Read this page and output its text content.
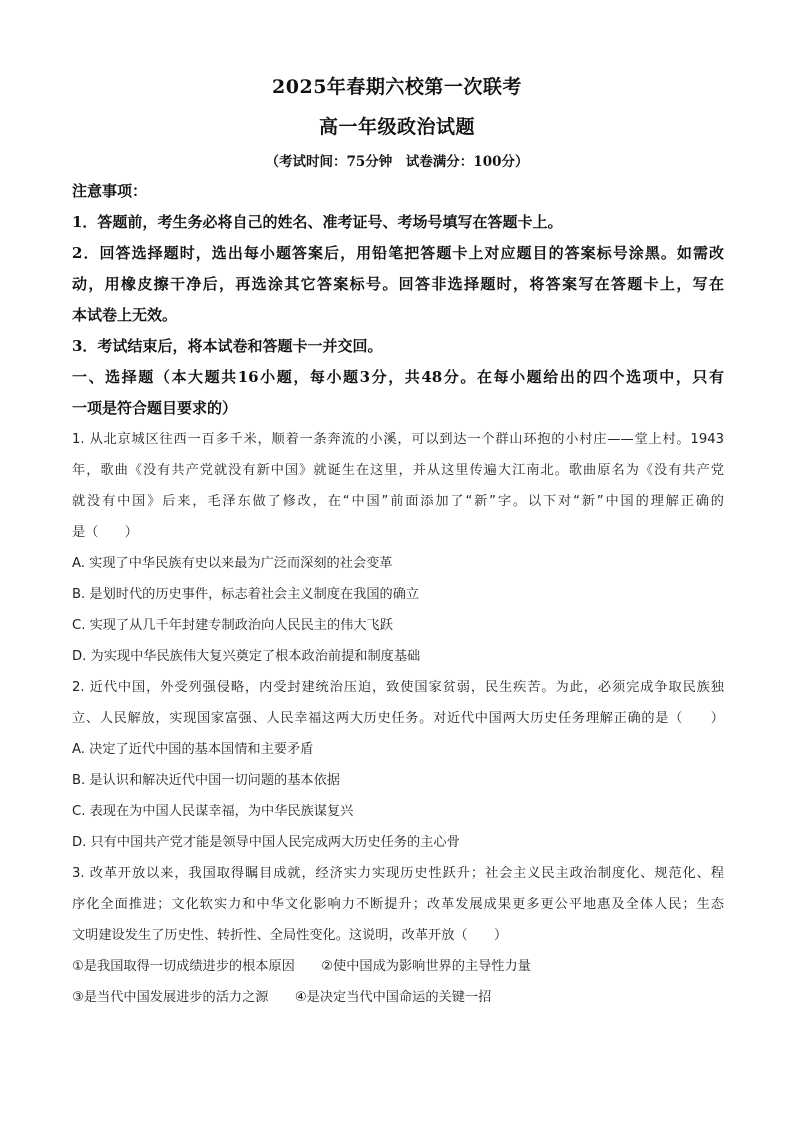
2025年春期六校第一次联考
高一年级政治试题
（考试时间：75分钟　试卷满分：100分）
注意事项：
1．答题前，考生务必将自己的姓名、准考证号、考场号填写在答题卡上。
2．回答选择题时，选出每小题答案后，用铅笔把答题卡上对应题目的答案标号涂黑。如需改
动，用橡皮擦干净后，再选涂其它答案标号。回答非选择题时，将答案写在答题卡上，写在
本试卷上无效。
3．考试结束后，将本试卷和答题卡一并交回。
一、选择题（本大题共16小题，每小题3分，共48分。在每小题给出的四个选项中，只有
一项是符合题目要求的）
1. 从北京城区往西一百多千米，顺着一条奔流的小溪，可以到达一个群山环抱的小村庄——堂上村。1943
年，歌曲《没有共产党就没有新中国》就诞生在这里，并从这里传遍大江南北。歌曲原名为《没有共产党
就没有中国》后来，毛泽东做了修改，在“中国”前面添加了“新”字。以下对“新”中国的理解正确的
是（　　）
A. 实现了中华民族有史以来最为广泛而深刻的社会变革
B. 是划时代的历史事件，标志着社会主义制度在我国的确立
C. 实现了从几千年封建专制政治向人民民主的伟大飞跃
D. 为实现中华民族伟大复兴奠定了根本政治前提和制度基础
2. 近代中国，外受列强侵略，内受封建统治压迫，致使国家贫弱，民生疾苦。为此，必须完成争取民族独
立、人民解放，实现国家富强、人民幸福这两大历史任务。对近代中国两大历史任务理解正确的是（　　）
A. 决定了近代中国的基本国情和主要矛盾
B. 是认识和解决近代中国一切问题的基本依据
C. 表现在为中国人民谋幸福，为中华民族谋复兴
D. 只有中国共产党才能是领导中国人民完成两大历史任务的主心骨
3. 改革开放以来，我国取得瞩目成就，经济实力实现历史性跃升；社会主义民主政治制度化、规范化、程
序化全面推进；文化软实力和中华文化影响力不断提升；改革发展成果更多更公平地惠及全体人民；生态
文明建设发生了历史性、转折性、全局性变化。这说明，改革开放（　　）
①是我国取得一切成绩进步的根本原因　　②使中国成为影响世界的主导性力量
③是当代中国发展进步的活力之源　　④是决定当代中国命运的关键一招
